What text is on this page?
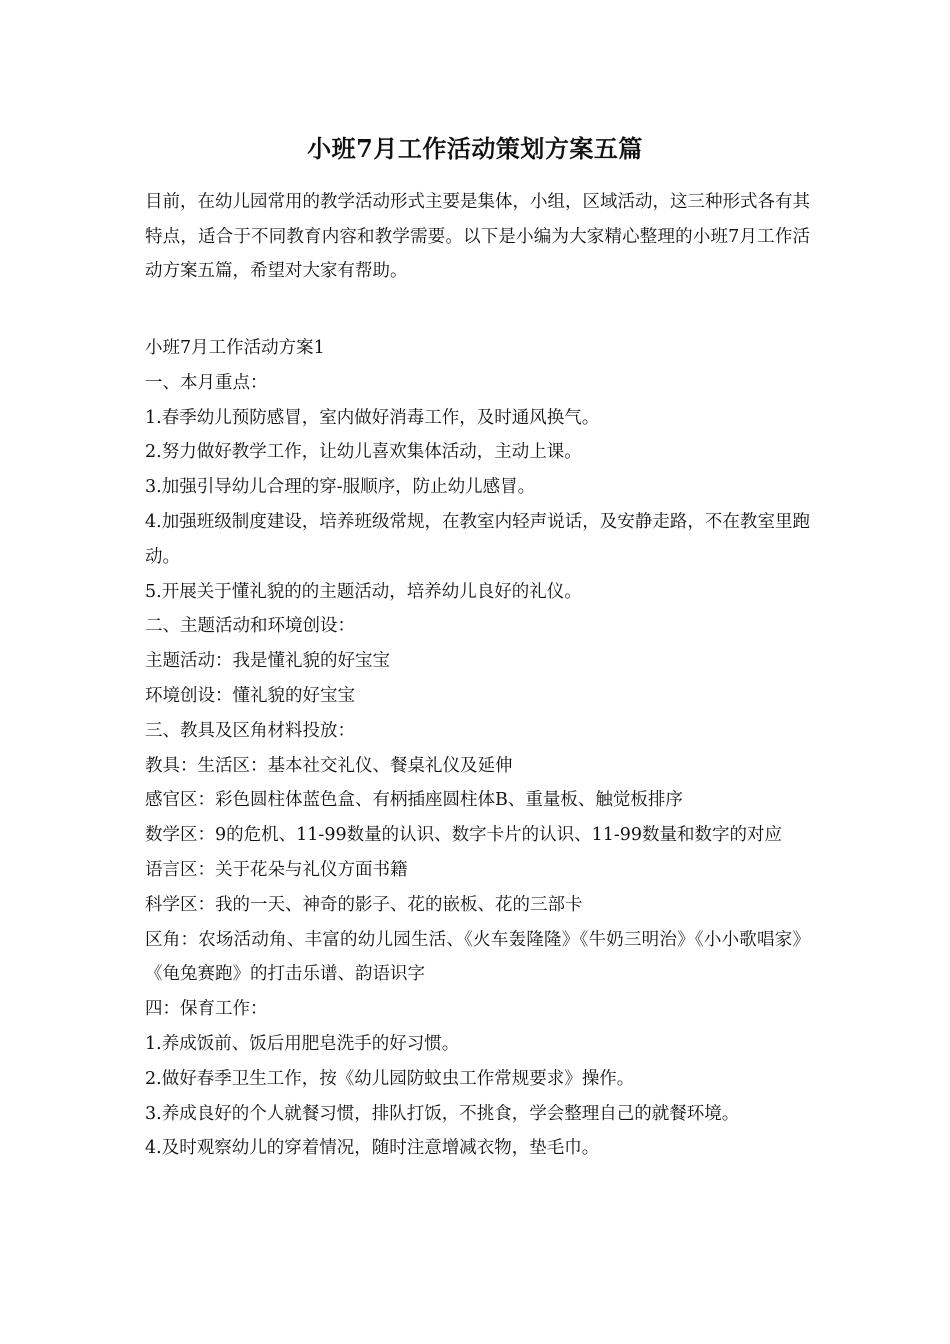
小班7月工作活动策划方案五篇
目前，在幼儿园常用的教学活动形式主要是集体，小组，区域活动，这三种形式各有其特点，适合于不同教育内容和教学需要。以下是小编为大家精心整理的小班7月工作活动方案五篇，希望对大家有帮助。
小班7月工作活动方案1
一、本月重点：
1.春季幼儿预防感冒，室内做好消毒工作，及时通风换气。
2.努力做好教学工作，让幼儿喜欢集体活动，主动上课。
3.加强引导幼儿合理的穿-服顺序，防止幼儿感冒。
4.加强班级制度建设，培养班级常规，在教室内轻声说话，及安静走路，不在教室里跑动。
5.开展关于懂礼貌的的主题活动，培养幼儿良好的礼仪。
二、主题活动和环境创设：
主题活动：我是懂礼貌的好宝宝
环境创设：懂礼貌的好宝宝
三、教具及区角材料投放：
教具：生活区：基本社交礼仪、餐桌礼仪及延伸
感官区：彩色圆柱体蓝色盒、有柄插座圆柱体B、重量板、触觉板排序
数学区：9的危机、11-99数量的认识、数字卡片的认识、11-99数量和数字的对应
语言区：关于花朵与礼仪方面书籍
科学区：我的一天、神奇的影子、花的嵌板、花的三部卡
区角：农场活动角、丰富的幼儿园生活、《火车轰隆隆》《牛奶三明治》《小小歌唱家》《龟兔赛跑》的打击乐谱、韵语识字
四：保育工作：
1.养成饭前、饭后用肥皂洗手的好习惯。
2.做好春季卫生工作，按《幼儿园防蚊虫工作常规要求》操作。
3.养成良好的个人就餐习惯，排队打饭，不挑食，学会整理自己的就餐环境。
4.及时观察幼儿的穿着情况，随时注意增减衣物，垫毛巾。
